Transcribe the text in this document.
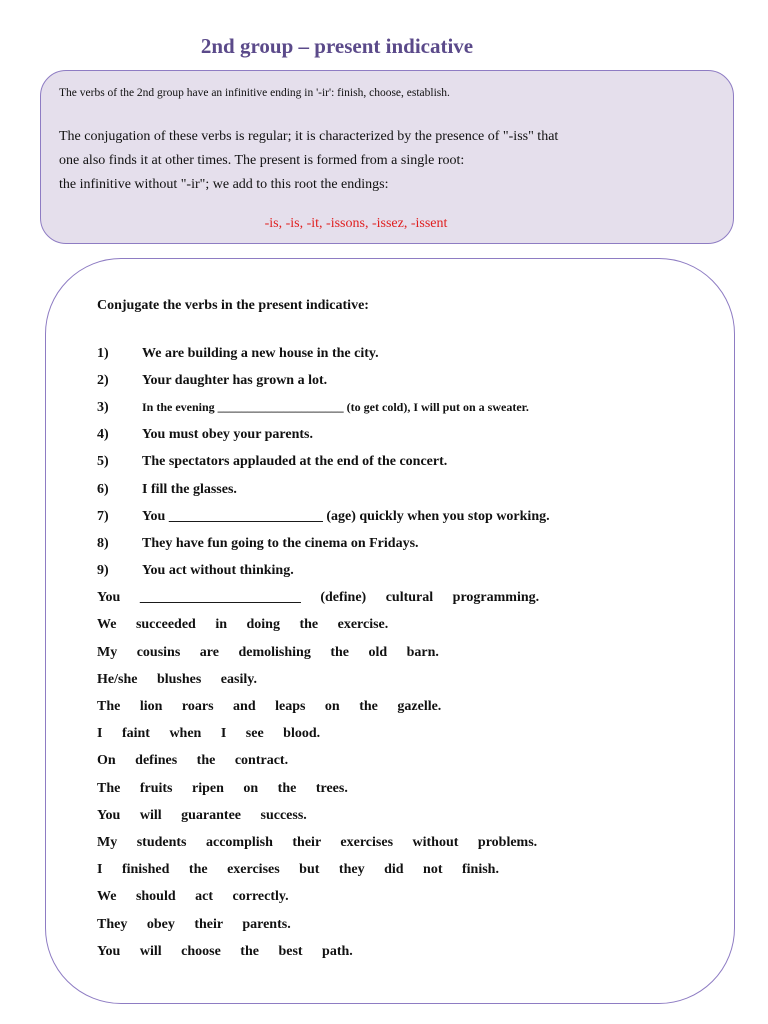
2nd group – present indicative
The verbs of the 2nd group have an infinitive ending in '-ir': finish, choose, establish.
The conjugation of these verbs is regular; it is characterized by the presence of "-iss" that
one also finds it at other times. The present is formed from a single root:
the infinitive without "-ir"; we add to this root the endings:
-is, -is, -it, -issons, -issez, -issent
Conjugate the verbs in the present indicative:
1)	We are building a new house in the city.
2)	Your daughter has grown a lot.
3)	In the evening _____________________ (to get cold), I will put on a sweater.
4)	You must obey your parents.
5)	The spectators applauded at the end of the concert.
6)	I fill the glasses.
7)	You ______________________ (age) quickly when you stop working.
8)	They have fun going to the cinema on Fridays.
9)	You act without thinking.
You _______________________ (define) cultural programming.
We succeeded in doing the exercise.
My cousins are demolishing the old barn.
He/she blushes easily.
The lion roars and leaps on the gazelle.
I faint when I see blood.
On defines the contract.
The fruits ripen on the trees.
You will guarantee success.
My students accomplish their exercises without problems.
I finished the exercises but they did not finish.
We should act correctly.
They obey their parents.
You will choose the best path.
